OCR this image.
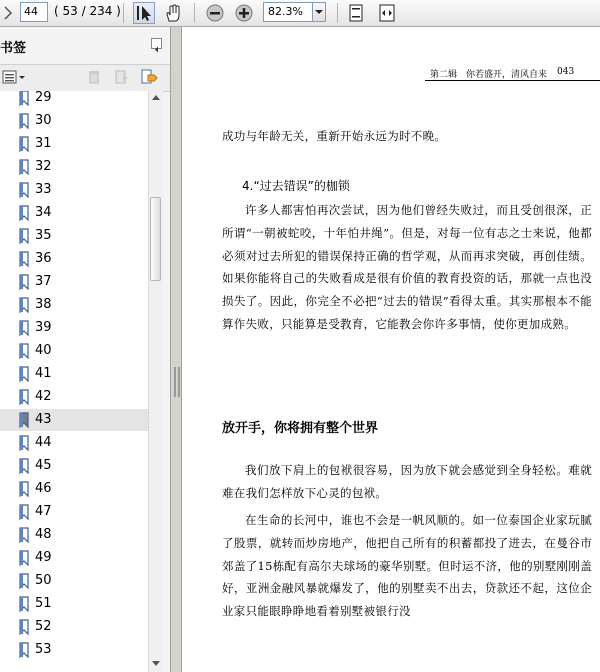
44	( 53 / 234 )	82.3%
书签
29
30
31
32
33
34
35
36
37
38
39
40
41
42
43
44
45
46
47
48
49
50
51
52
53
第二辑　你若盛开，清风自来 043
成功与年龄无关，重新开始永远为时不晚。
4.“过去错误”的枷锁
许多人都害怕再次尝试，因为他们曾经失败过，而且受创很深，正所谓“一朝被蛇咬，十年怕井绳”。但是，对每一位有志之士来说，他都必须对过去所犯的错误保持正确的哲学观，从而再求突破，再创佳绩。如果你能将自己的失败看成是很有价值的教育投资的话，那就一点也没损失了。因此，你完全不必把“过去的错误”看得太重。其实那根本不能算作失败，只能算是受教育，它能教会你许多事情，使你更加成熟。
放开手，你将拥有整个世界
我们放下肩上的包袱很容易，因为放下就会感觉到全身轻松。难就难在我们怎样放下心灵的包袱。
在生命的长河中，谁也不会是一帆风顺的。如一位泰国企业家玩腻了股票，就转而炒房地产，他把自己所有的积蓄都投了进去，在曼谷市郊盖了15栋配有高尔夫球场的豪华别墅。但时运不济，他的别墅刚刚盖好，亚洲金融风暴就爆发了，他的别墅卖不出去，贷款还不起，这位企业家只能眼睁睁地看着别墅被银行没
